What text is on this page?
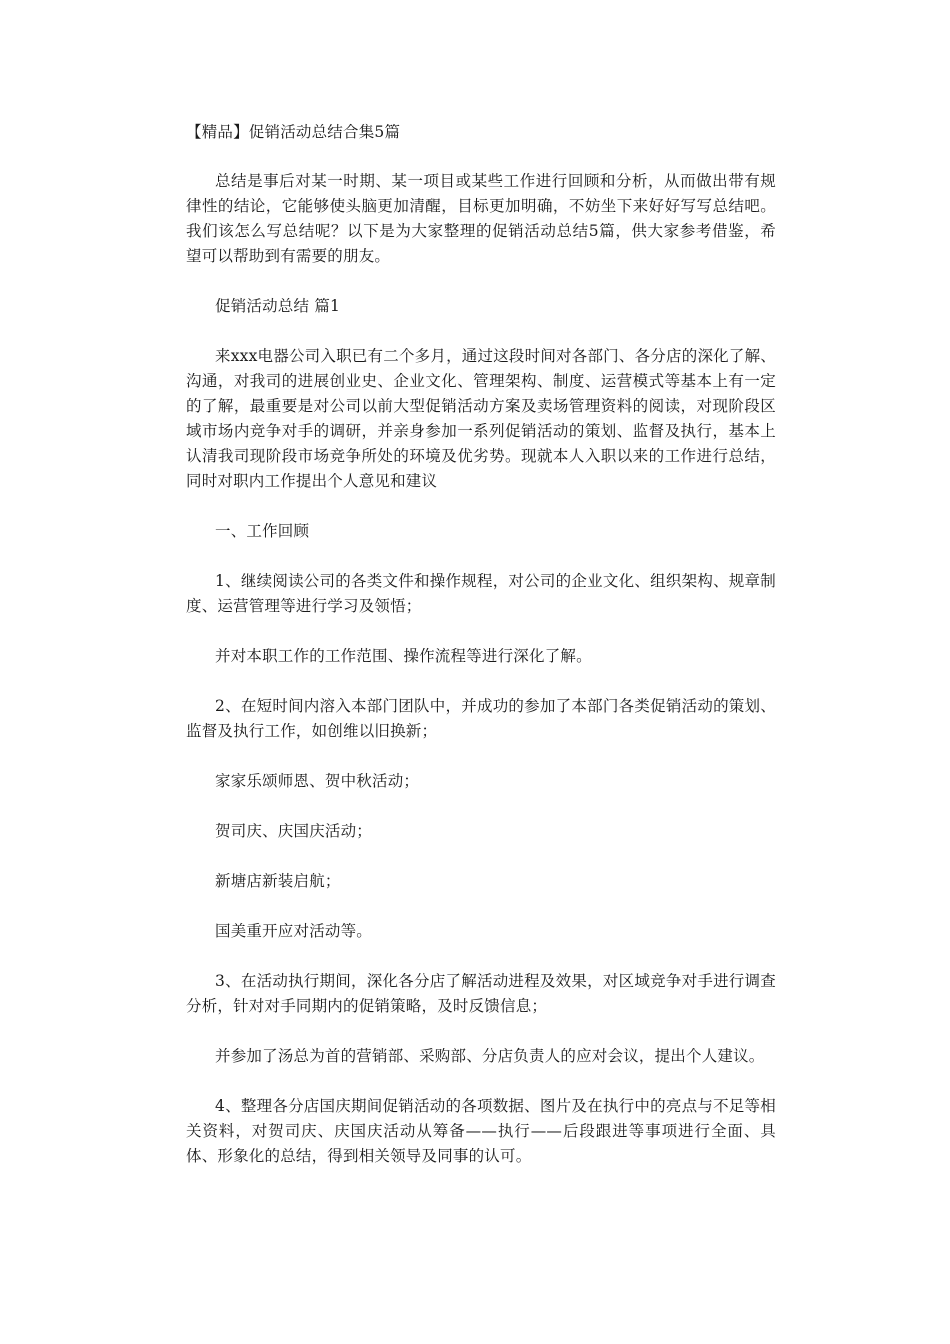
【精品】促销活动总结合集5篇

总结是事后对某一时期、某一项目或某些工作进行回顾和分析，从而做出带有规律性的结论，它能够使头脑更加清醒，目标更加明确，不妨坐下来好好写写总结吧。我们该怎么写总结呢？以下是为大家整理的促销活动总结5篇，供大家参考借鉴，希望可以帮助到有需要的朋友。

促销活动总结 篇1

来xxx电器公司入职已有二个多月，通过这段时间对各部门、各分店的深化了解、沟通，对我司的进展创业史、企业文化、管理架构、制度、运营模式等基本上有一定的了解，最重要是对公司以前大型促销活动方案及卖场管理资料的阅读，对现阶段区域市场内竞争对手的调研，并亲身参加一系列促销活动的策划、监督及执行，基本上认清我司现阶段市场竞争所处的环境及优劣势。现就本人入职以来的工作进行总结，同时对职内工作提出个人意见和建议

一、工作回顾

1、继续阅读公司的各类文件和操作规程，对公司的企业文化、组织架构、规章制度、运营管理等进行学习及领悟；

并对本职工作的工作范围、操作流程等进行深化了解。

2、在短时间内溶入本部门团队中，并成功的参加了本部门各类促销活动的策划、监督及执行工作，如创维以旧换新；

家家乐颂师恩、贺中秋活动；

贺司庆、庆国庆活动；

新塘店新装启航；

国美重开应对活动等。

3、在活动执行期间，深化各分店了解活动进程及效果，对区域竞争对手进行调查分析，针对对手同期内的促销策略，及时反馈信息；

并参加了汤总为首的营销部、采购部、分店负责人的应对会议，提出个人建议。

4、整理各分店国庆期间促销活动的各项数据、图片及在执行中的亮点与不足等相关资料，对贺司庆、庆国庆活动从筹备——执行——后段跟进等事项进行全面、具体、形象化的总结，得到相关领导及同事的认可。
